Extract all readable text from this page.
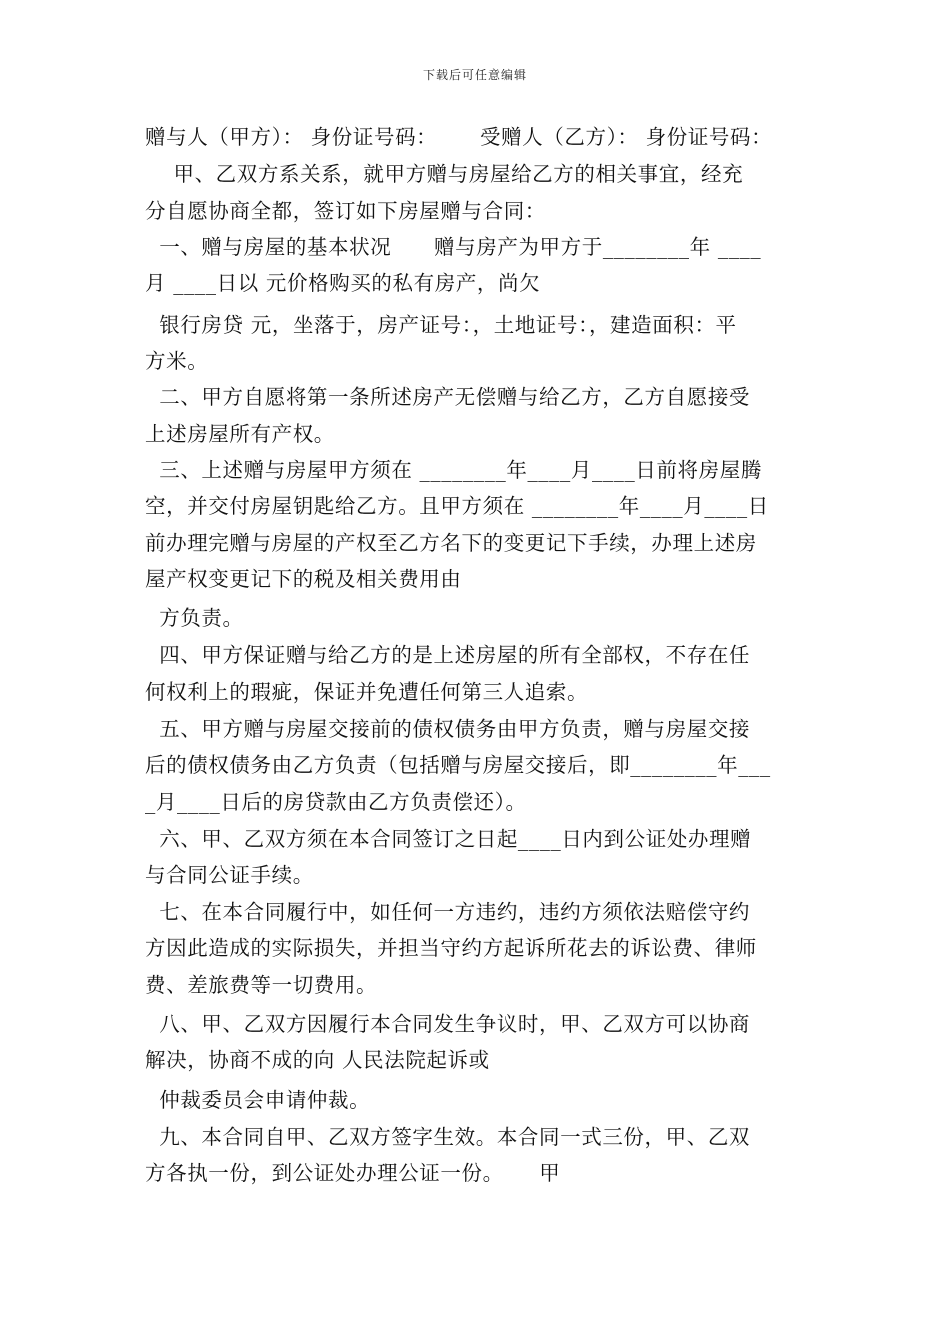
下载后可任意编辑
赠与人（甲方）： 身份证号码：      受赠人（乙方）： 身份证号码：
甲、乙双方系关系，就甲方赠与房屋给乙方的相关事宜，经充
分自愿协商全都，签订如下房屋赠与合同：
一、赠与房屋的基本状况      赠与房产为甲方于________年 ____
月 ____日以 元价格购买的私有房产，尚欠
银行房贷 元，坐落于，房产证号：，土地证号：，建造面积：平
方米。
二、甲方自愿将第一条所述房产无偿赠与给乙方，乙方自愿接受
上述房屋所有产权。
三、上述赠与房屋甲方须在 ________年____月____日前将房屋腾
空，并交付房屋钥匙给乙方。且甲方须在 ________年____月____日
前办理完赠与房屋的产权至乙方名下的变更记下手续，办理上述房
屋产权变更记下的税及相关费用由
方负责。
四、甲方保证赠与给乙方的是上述房屋的所有全部权，不存在任
何权利上的瑕疵，保证并免遭任何第三人追索。
五、甲方赠与房屋交接前的债权债务由甲方负责，赠与房屋交接
后的债权债务由乙方负责（包括赠与房屋交接后，即________年___
_月____日后的房贷款由乙方负责偿还）。
六、甲、乙双方须在本合同签订之日起____日内到公证处办理赠
与合同公证手续。
七、在本合同履行中，如任何一方违约，违约方须依法赔偿守约
方因此造成的实际损失，并担当守约方起诉所花去的诉讼费、律师
费、差旅费等一切费用。
八、甲、乙双方因履行本合同发生争议时，甲、乙双方可以协商
解决，协商不成的向 人民法院起诉或
仲裁委员会申请仲裁。
九、本合同自甲、乙双方签字生效。本合同一式三份，甲、乙双
方各执一份，到公证处办理公证一份。     甲
